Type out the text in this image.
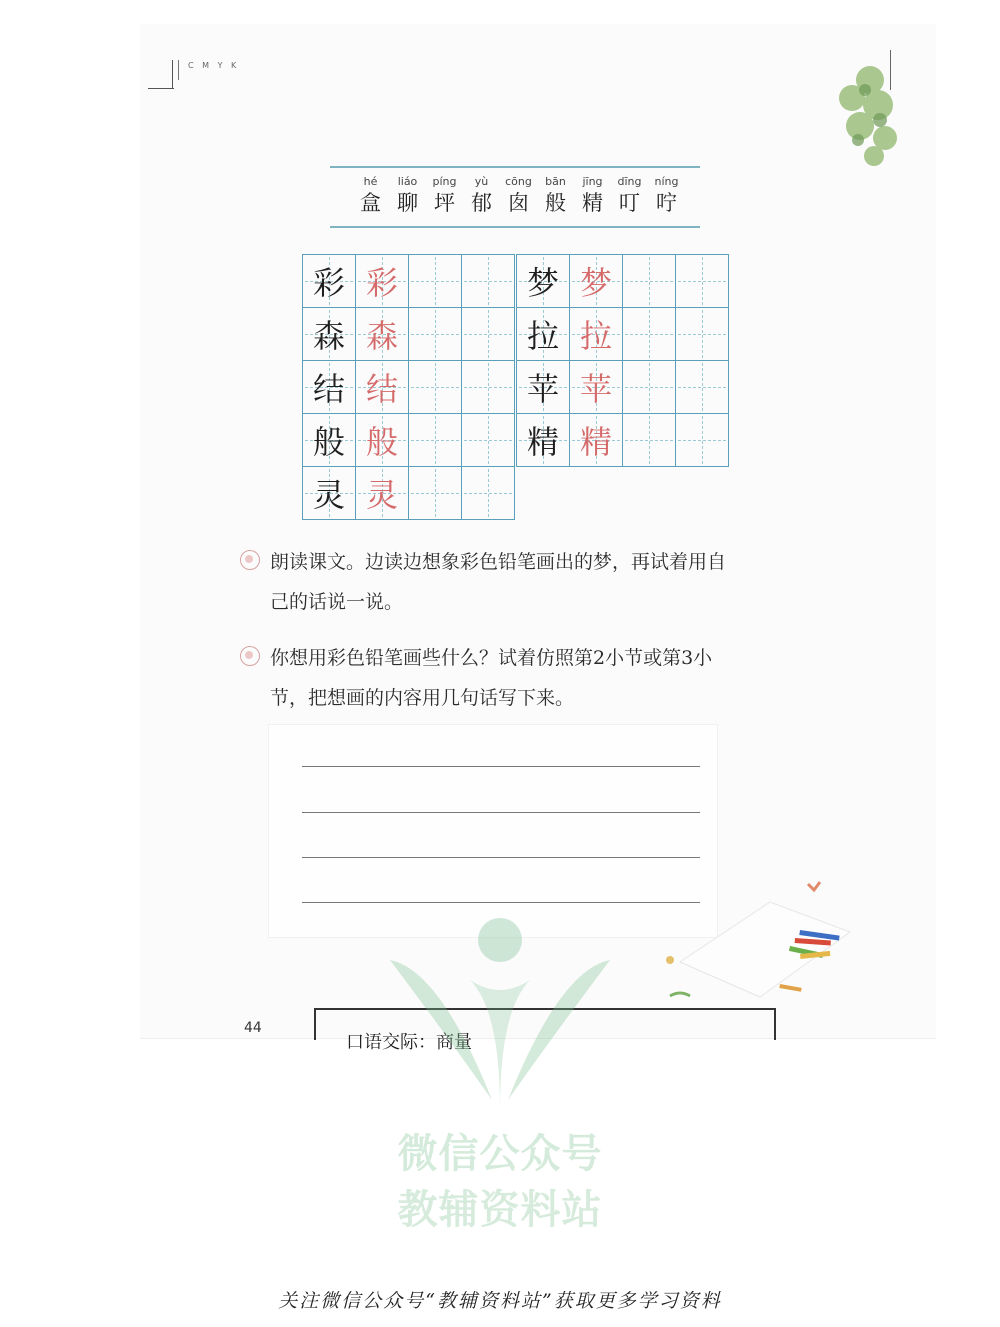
C M Y K
hé
盒
liáo
聊
píng
坪
yù
郁
cōng
囱
bān
般
jīng
精
dīng
叮
níng
咛
彩 彩
森 森
结 结
般 般
灵 灵
梦 梦
拉 拉
苹 苹
精 精
朗读课文。边读边想象彩色铅笔画出的梦，再试着用自
己的话说一说。
你想用彩色铅笔画些什么？试着仿照第2小节或第3小
节，把想画的内容用几句话写下来。
44
口语交际：商量
微信公众号
教辅资料站
关注微信公众号“教辅资料站”获取更多学习资料
